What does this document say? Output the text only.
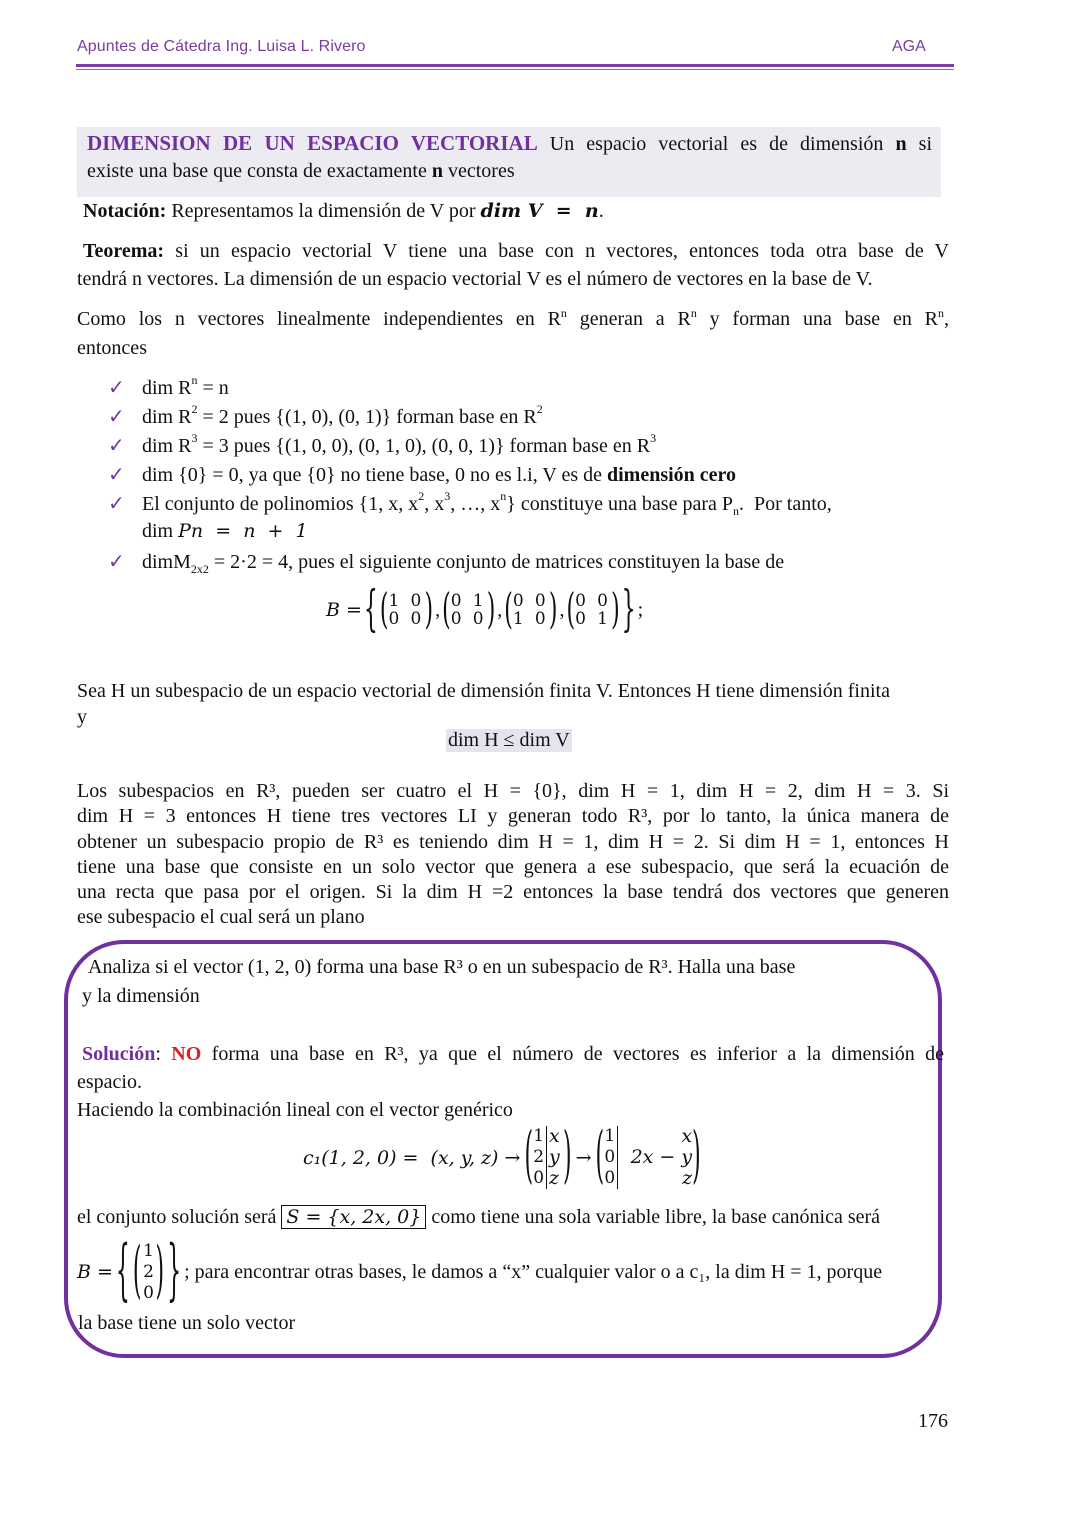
Apuntes de Cátedra Ing. Luisa L. Rivero	AGA
DIMENSION DE UN ESPACIO VECTORIAL Un espacio vectorial es de dimensión n si
existe una base que consta de exactamente n vectores
Notación: Representamos la dimensión de V por dim V  =  n.
Teorema: si un espacio vectorial V tiene una base con n vectores, entonces toda otra base de V
tendrá n vectores. La dimensión de un espacio vectorial V es el número de vectores en la base de V.
Como los n vectores linealmente independientes en $R^n$ generan a $R^n$ y forman una base en $R^n$,
entonces
✓ dim $R^n = n$
✓ dim $R^2 = 2$ pues {(1, 0), (0, 1)} forman base en $R^2$
✓ dim $R^3 = 3$ pues {(1, 0, 0), (0, 1, 0), (0, 0, 1)} forman base en $R^3$
✓ dim {0} = 0, ya que {0} no tiene base, 0 no es l.i, V es de dimensión cero
✓ El conjunto de polinomios {1, x, $x^2$, $x^3$, …, $x^n$} constituye una base para $P_n$.  Por tanto,
dim Pn  =  n  +  1
✓ dimM$_{2x2}$ = 2·2 = 4, pues el siguiente conjunto de matrices constituyen la base de
B = { ( 1 0
0 0 ) , ( 0 1
0 0 ) , ( 0 0
1 0 ) , ( 0 0
0 1 ) } ;
Sea H un subespacio de un espacio vectorial de dimensión finita V. Entonces H tiene dimensión finita
y
dim H ≤ dim V
Los subespacios en R³, pueden ser cuatro el H = {0}, dim H = 1, dim H = 2, dim H = 3. Si
dim H = 3 entonces H tiene tres vectores LI y generan todo R³, por lo tanto, la única manera de
obtener un subespacio propio de R³ es teniendo dim H = 1, dim H = 2. Si dim H = 1, entonces H
tiene una base que consiste en un solo vector que genera a ese subespacio, que será la ecuación de
una recta que pasa por el origen. Si la dim H =2 entonces la base tendrá dos vectores que generen
ese subespacio el cual será un plano
Analiza si el vector (1, 2, 0) forma una base R³ o en un subespacio de R³. Halla una base
y la dimensión
Solución: NO forma una base en R³, ya que el número de vectores es inferior a la dimensión de
espacio.
Haciendo la combinación lineal con el vector genérico
c₁(1, 2, 0) =  (x, y, z) → ( 1 x
2 y
0 z ) → ( 1	x
0 2x − y
0	z )
el conjunto solución será S = {x, 2x, 0} como tiene una sola variable libre, la base canónica será
B = { ( 1
2
0 ) } ; para encontrar otras bases, le damos a “x” cualquier valor o a c₁, la dim H = 1, porque
la base tiene un solo vector
176
